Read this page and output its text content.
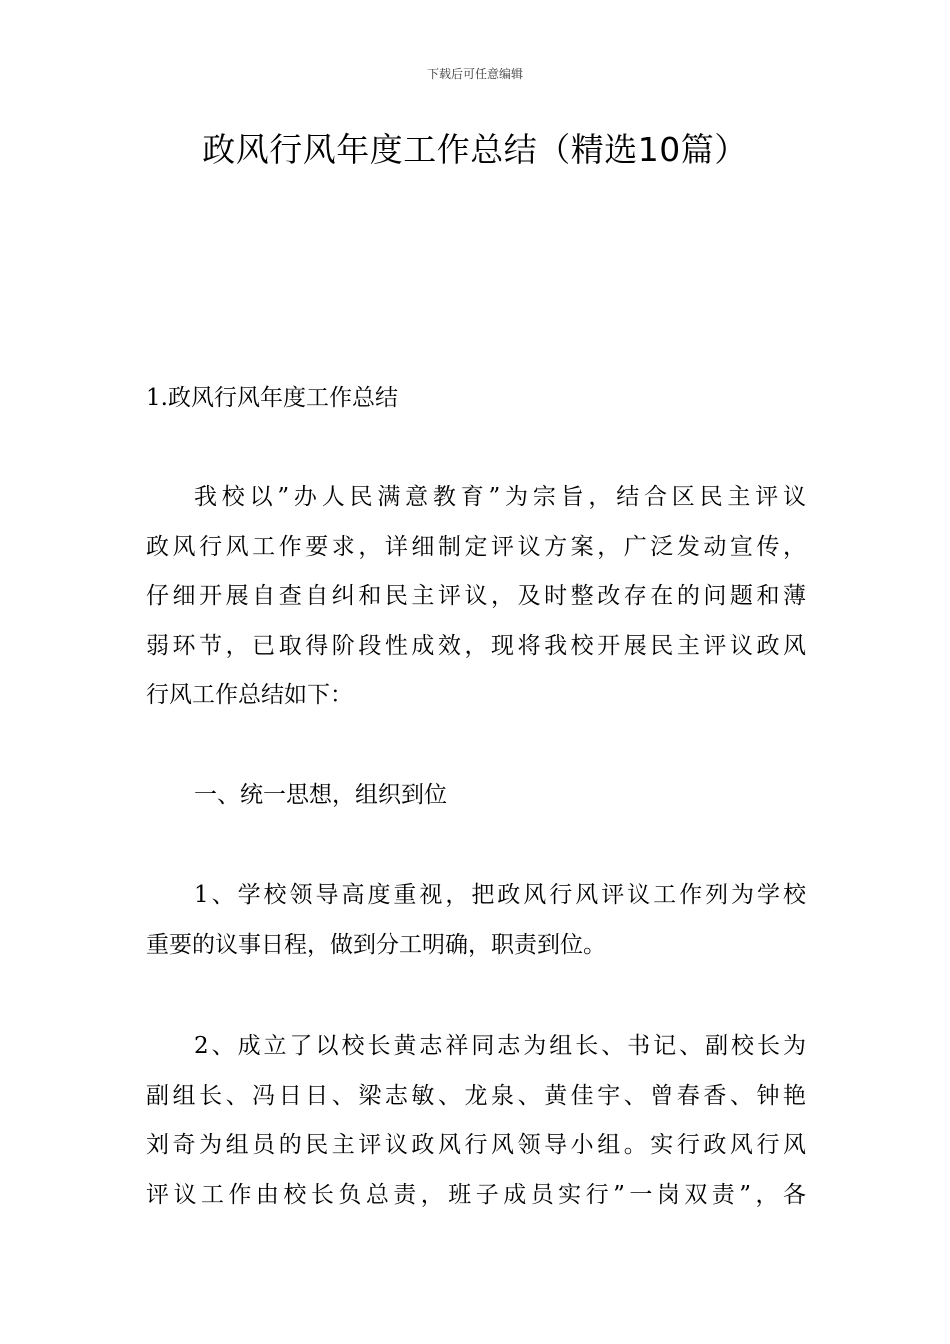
下载后可任意编辑
政风行风年度工作总结（精选10篇）
1.政风行风年度工作总结

我校以”办人民满意教育”为宗旨，结合区民主评议
政风行风工作要求，详细制定评议方案，广泛发动宣传，
仔细开展自查自纠和民主评议，及时整改存在的问题和薄
弱环节，已取得阶段性成效，现将我校开展民主评议政风
行风工作总结如下：

一、统一思想，组织到位

1、学校领导高度重视，把政风行风评议工作列为学校
重要的议事日程，做到分工明确，职责到位。

2、成立了以校长黄志祥同志为组长、书记、副校长为
副组长、冯日日、梁志敏、龙泉、黄佳宇、曾春香、钟艳
刘奇为组员的民主评议政风行风领导小组。实行政风行风
评议工作由校长负总责，班子成员实行”一岗双责”，各
